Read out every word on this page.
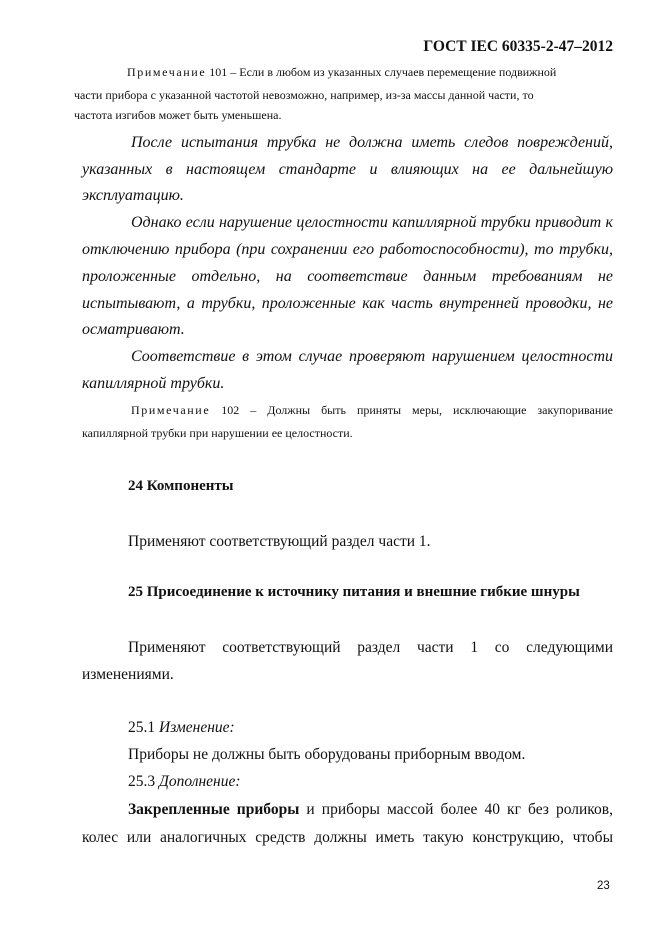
ГОСТ IEC 60335-2-47–2012
Примечание 101 – Если в любом из указанных случаев перемещение подвижной
части прибора с указанной частотой невозможно, например, из-за массы данной части, то
частота изгибов может быть уменьшена.
После испытания трубка не должна иметь следов повреждений,
указанных в настоящем стандарте и влияющих на ее дальнейшую
эксплуатацию.
Однако если нарушение целостности капиллярной трубки приводит к
отключению прибора (при сохранении его работоспособности), то трубки,
проложенные отдельно, на соответствие данным требованиям не
испытывают, а трубки, проложенные как часть внутренней проводки, не
осматривают.
Соответствие в этом случае проверяют нарушением целостности
капиллярной трубки.
Примечание 102 – Должны быть приняты меры, исключающие закупоривание
капиллярной трубки при нарушении ее целостности.
24 Компоненты
Применяют соответствующий раздел части 1.
25 Присоединение к источнику питания и внешние гибкие шнуры
Применяют соответствующий раздел части 1 со следующими
изменениями.
25.1 Изменение:
Приборы не должны быть оборудованы приборным вводом.
25.3 Дополнение:
Закрепленные приборы и приборы массой более 40 кг без роликов,
колес или аналогичных средств должны иметь такую конструкцию, чтобы
23
